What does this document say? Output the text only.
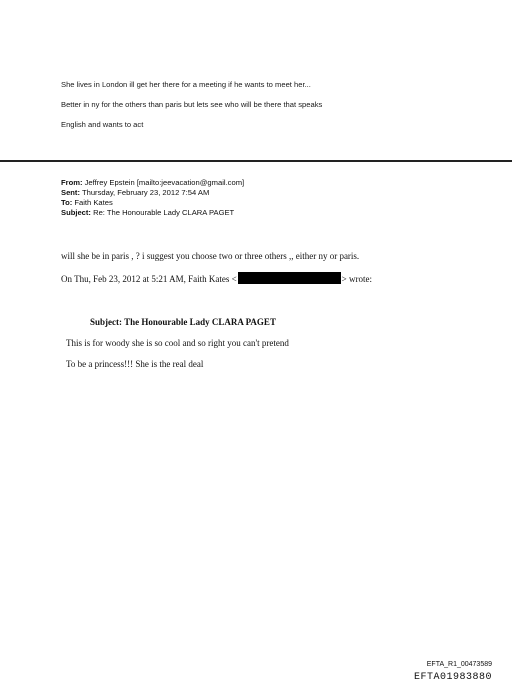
She lives in London ill get her there for a meeting if he wants to meet her...
Better in ny for the others than paris but lets see who will be there that speaks
English and wants to act
From: Jeffrey Epstein [mailto:jeevacation@gmail.com]
Sent: Thursday, February 23, 2012 7:54 AM
To: Faith Kates
Subject: Re: The Honourable Lady CLARA PAGET
will she be in paris , ? i suggest you choose two or three others ,, either ny or paris.
On Thu, Feb 23, 2012 at 5:21 AM, Faith Kates <	> wrote:
Subject: The Honourable Lady CLARA PAGET
This is for woody she is so cool and so right you can't pretend
To be a princess!!! She is the real deal
EFTA_R1_00473589
EFTA01983880
